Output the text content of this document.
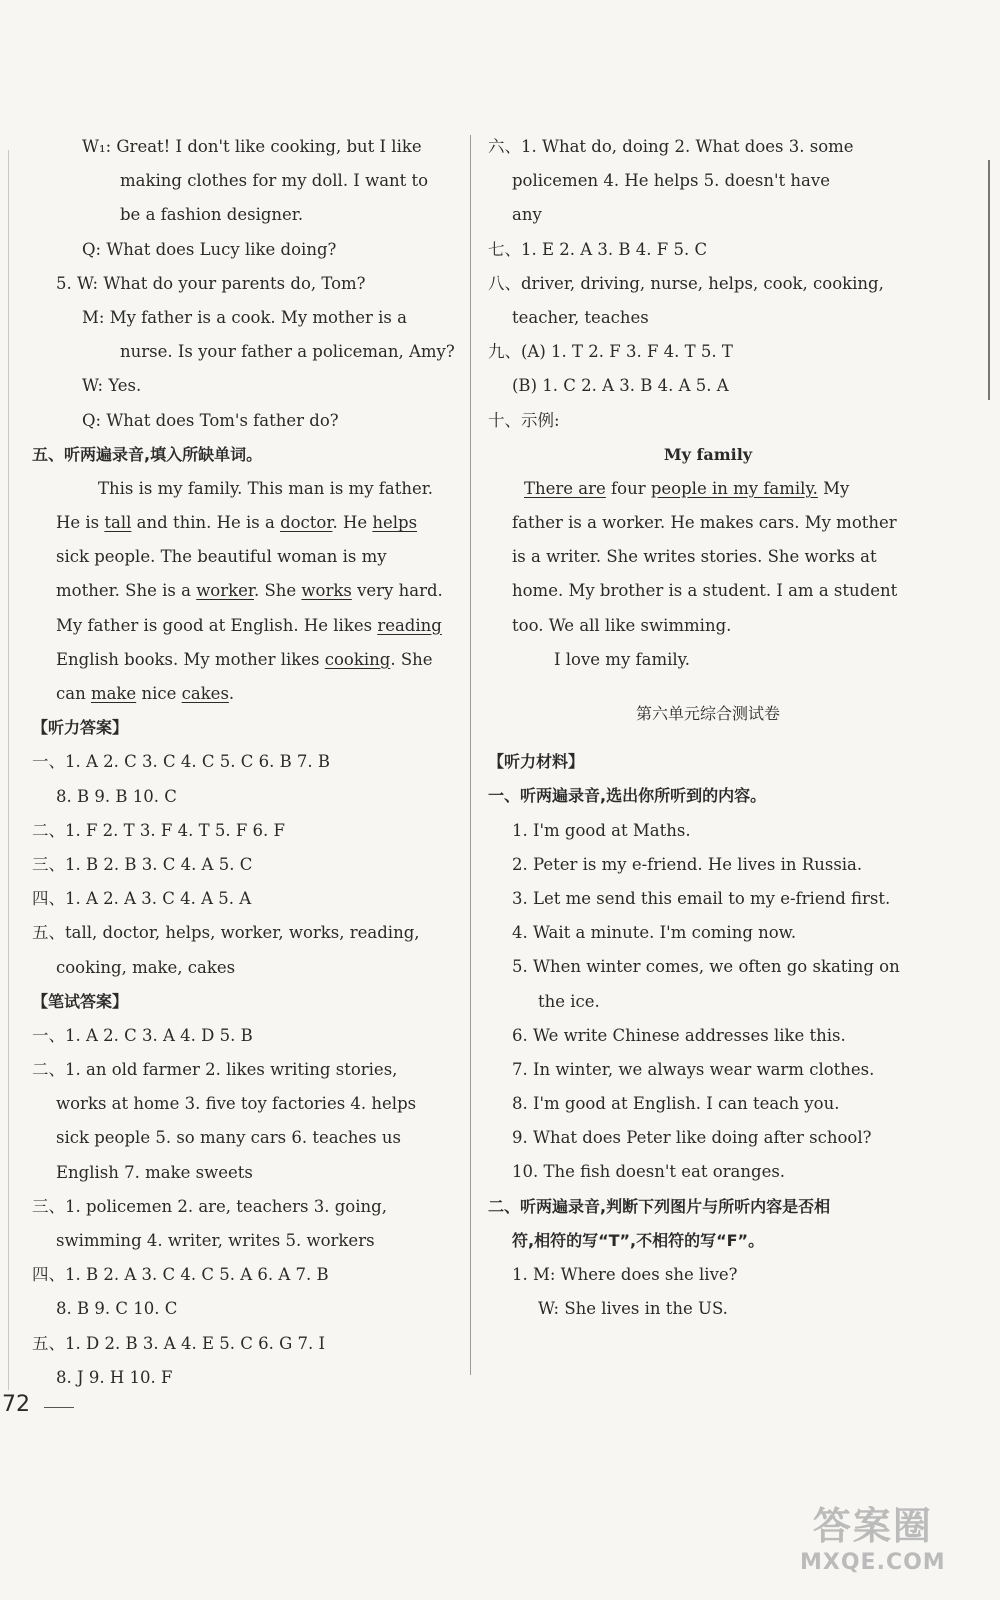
W₁: Great! I don't like cooking, but I like
making clothes for my doll. I want to
be a fashion designer.
Q: What does Lucy like doing?
5. W: What do your parents do, Tom?
M: My father is a cook. My mother is a
nurse. Is your father a policeman, Amy?
W: Yes.
Q: What does Tom's father do?
五、听两遍录音,填入所缺单词。
This is my family. This man is my father.
He is tall and thin. He is a doctor. He helps
sick people. The beautiful woman is my
mother. She is a worker. She works very hard.
My father is good at English. He likes reading
English books. My mother likes cooking. She
can make nice cakes.
【听力答案】
一、1. A 2. C 3. C 4. C 5. C 6. B 7. B
8. B 9. B 10. C
二、1. F 2. T 3. F 4. T 5. F 6. F
三、1. B 2. B 3. C 4. A 5. C
四、1. A 2. A 3. C 4. A 5. A
五、tall, doctor, helps, worker, works, reading,
cooking, make, cakes
【笔试答案】
一、1. A 2. C 3. A 4. D 5. B
二、1. an old farmer 2. likes writing stories,
works at home 3. five toy factories 4. helps
sick people 5. so many cars 6. teaches us
English 7. make sweets
三、1. policemen 2. are, teachers 3. going,
swimming 4. writer, writes 5. workers
四、1. B 2. A 3. C 4. C 5. A 6. A 7. B
8. B 9. C 10. C
五、1. D 2. B 3. A 4. E 5. C 6. G 7. I
8. J 9. H 10. F
六、1. What do, doing 2. What does 3. some
policemen 4. He helps 5. doesn't have
any
七、1. E 2. A 3. B 4. F 5. C
八、driver, driving, nurse, helps, cook, cooking,
teacher, teaches
九、(A) 1. T 2. F 3. F 4. T 5. T
(B) 1. C 2. A 3. B 4. A 5. A
十、示例:
My family
There are four people in my family. My
father is a worker. He makes cars. My mother
is a writer. She writes stories. She works at
home. My brother is a student. I am a student
too. We all like swimming.
I love my family.
第六单元综合测试卷
【听力材料】
一、听两遍录音,选出你所听到的内容。
1. I'm good at Maths.
2. Peter is my e-friend. He lives in Russia.
3. Let me send this email to my e-friend first.
4. Wait a minute. I'm coming now.
5. When winter comes, we often go skating on
the ice.
6. We write Chinese addresses like this.
7. In winter, we always wear warm clothes.
8. I'm good at English. I can teach you.
9. What does Peter like doing after school?
10. The fish doesn't eat oranges.
二、听两遍录音,判断下列图片与所听内容是否相
符,相符的写“T”,不相符的写“F”。
1. M: Where does she live?
W: She lives in the US.
72
答案圈
MXQE.COM
